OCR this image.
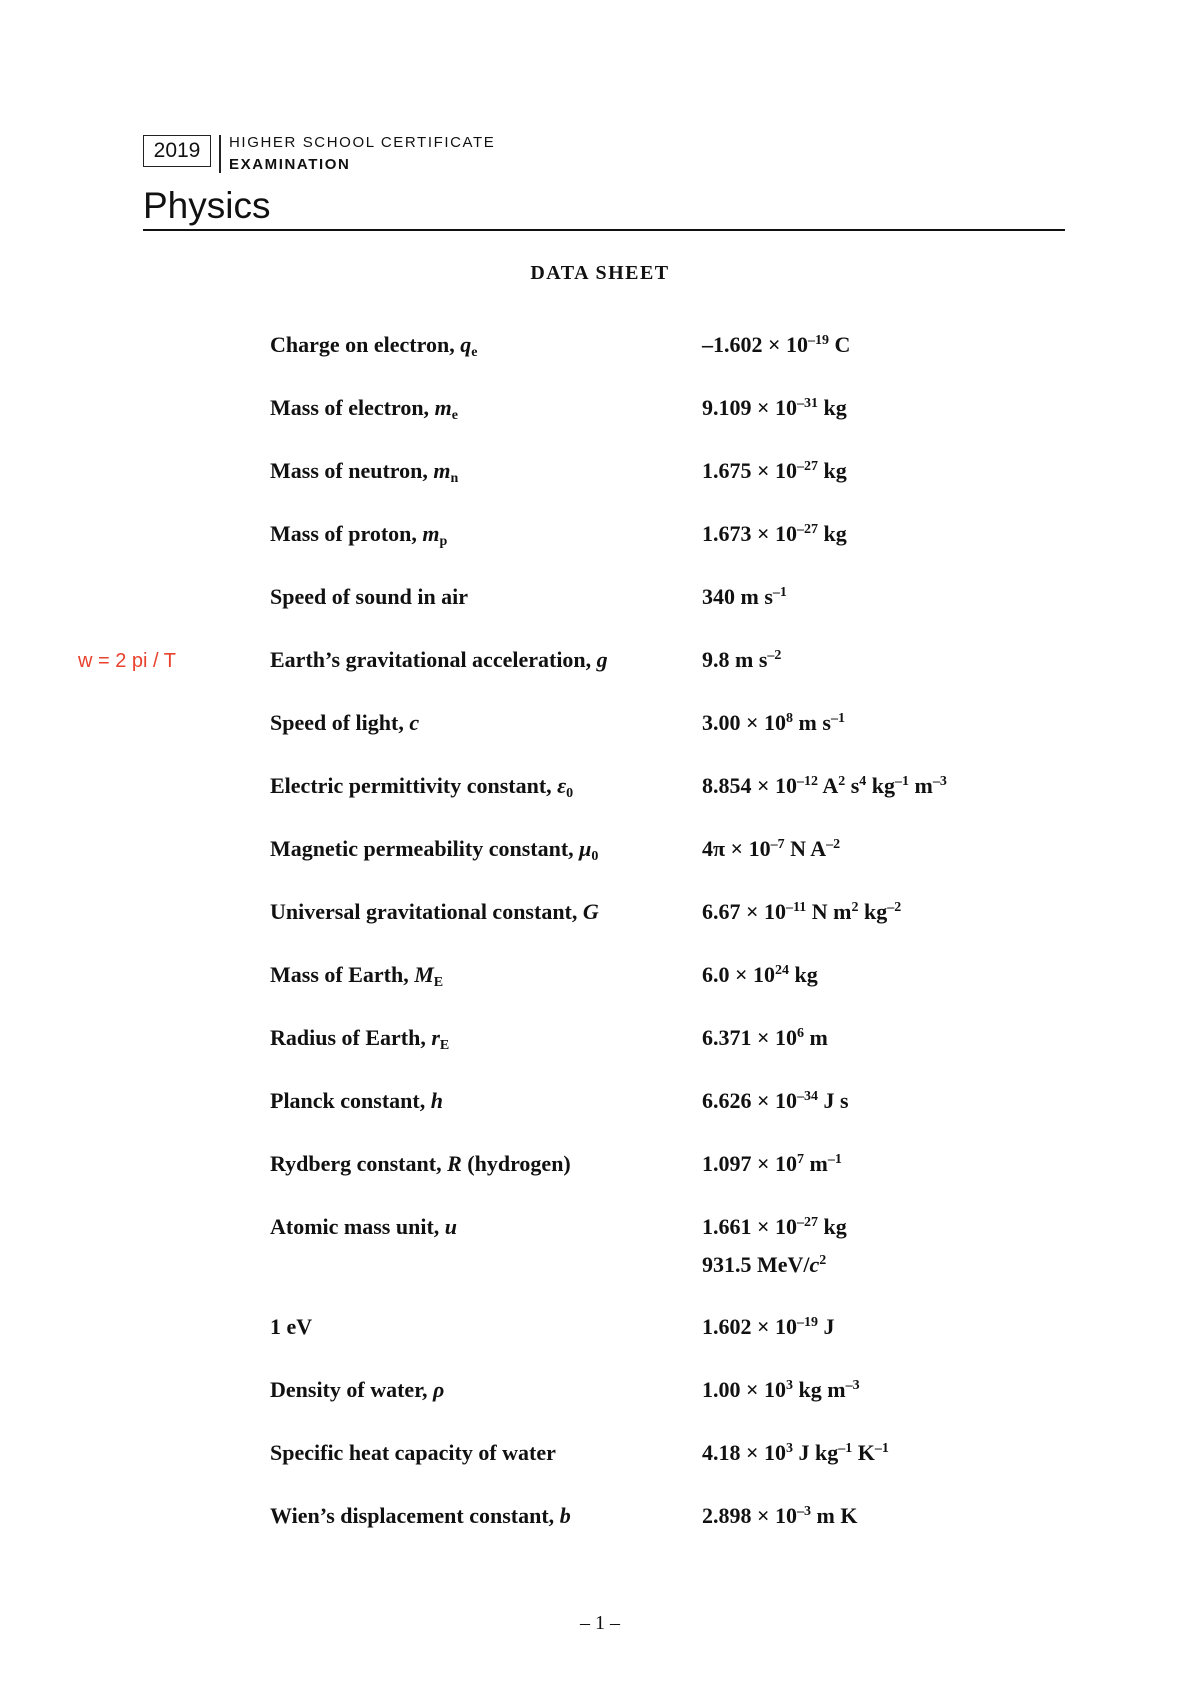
2019	HIGHER SCHOOL CERTIFICATE
EXAMINATION
Physics
DATA SHEET
w = 2 pi / T
Charge on electron, $q_e$	$-1.602 \times 10^{-19}$ C
Mass of electron, $m_e$	$9.109 \times 10^{-31}$ kg
Mass of neutron, $m_n$	$1.675 \times 10^{-27}$ kg
Mass of proton, $m_p$	$1.673 \times 10^{-27}$ kg
Speed of sound in air	340 m $s^{-1}$
Earth’s gravitational acceleration, g	9.8 m $s^{-2}$
Speed of light, c	$3.00 \times 10^8$ m $s^{-1}$
Electric permittivity constant, $\varepsilon_0$	$8.854 \times 10^{-12}$ $A^2$ $s^4$ $kg^{-1}$ $m^{-3}$
Magnetic permeability constant, $\mu_0$	$4\pi \times 10^{-7}$ N $A^{-2}$
Universal gravitational constant, G	$6.67 \times 10^{-11}$ N $m^2$ $kg^{-2}$
Mass of Earth, $M_E$	$6.0 \times 10^{24}$ kg
Radius of Earth, $r_E$	$6.371 \times 10^6$ m
Planck constant, h	$6.626 \times 10^{-34}$ J s
Rydberg constant, R (hydrogen)	$1.097 \times 10^7$ $m^{-1}$
Atomic mass unit, u	$1.661 \times 10^{-27}$ kg
931.5 MeV/$c^2$
1 eV	$1.602 \times 10^{-19}$ J
Density of water, ρ	$1.00 \times 10^3$ kg $m^{-3}$
Specific heat capacity of water	$4.18 \times 10^3$ J $kg^{-1}$ $K^{-1}$
Wien’s displacement constant, b	$2.898 \times 10^{-3}$ m K
– 1 –
